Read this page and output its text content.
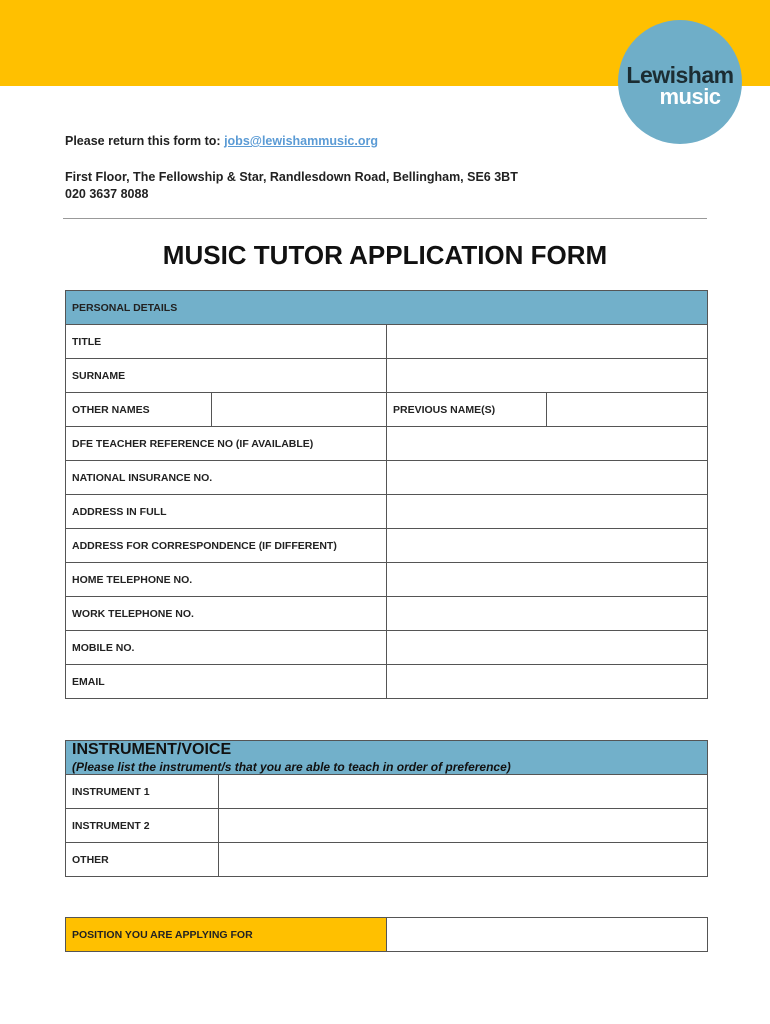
Lewisham
music
Please return this form to: jobs@lewishammusic.org
First Floor, The Fellowship & Star, Randlesdown Road, Bellingham, SE6 3BT
020 3637 8088
MUSIC TUTOR APPLICATION FORM
PERSONAL DETAILS			
TITLE			
SURNAME			
OTHER NAMES		PREVIOUS NAME(S)	
DFE TEACHER REFERENCE NO (IF AVAILABLE)			
NATIONAL INSURANCE NO.			
ADDRESS IN FULL			
ADDRESS FOR CORRESPONDENCE (IF DIFFERENT)			
HOME TELEPHONE NO.			
WORK TELEPHONE NO.			
MOBILE NO.			
EMAIL			
INSTRUMENT/VOICE
(Please list the instrument/s that you are able to teach in order of preference)	

INSTRUMENT 1	
INSTRUMENT 2	
OTHER	
POSITION YOU ARE APPLYING FOR	
